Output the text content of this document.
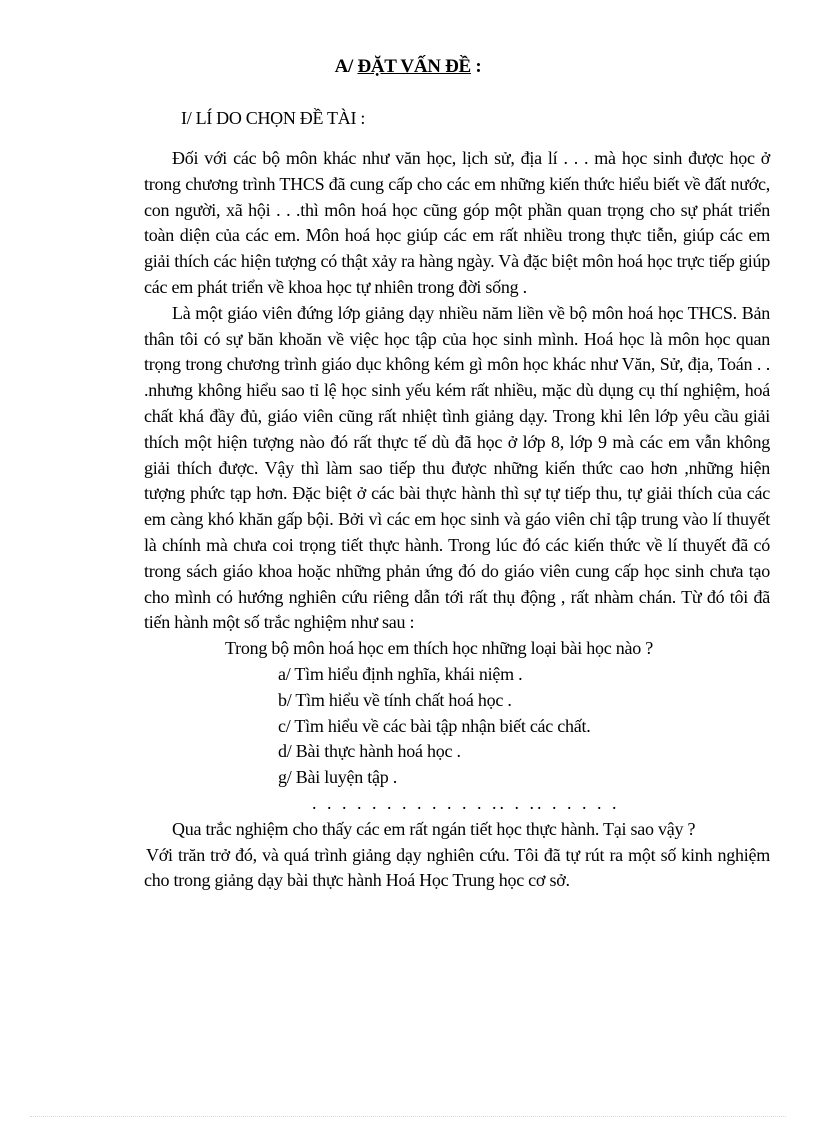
A/ ĐẶT VẤN ĐỀ :
I/ LÍ DO CHỌN ĐỀ TÀI :

Đối với các bộ môn khác như văn học, lịch sử, địa lí . . . mà học sinh được học ở trong chương trình THCS đã cung cấp cho các em những kiến thức hiểu biết về đất nước, con người, xã hội . . .thì môn hoá học cũng góp một phần quan trọng cho sự phát triển toàn diện của các em. Môn hoá học giúp các em rất nhiều trong thực tiễn, giúp các em giải thích các hiện tượng có thật xảy ra hàng ngày. Và đặc biệt môn hoá học trực tiếp giúp các em phát triển về khoa học tự nhiên trong đời sống .

Là một giáo viên đứng lớp giảng dạy nhiều năm liền về bộ môn hoá học THCS. Bản thân tôi có sự băn khoăn về việc học tập của học sinh mình. Hoá học là môn học quan trọng trong chương trình giáo dục không kém gì môn học khác như Văn, Sử, địa, Toán . . .nhưng không hiểu sao tỉ lệ học sinh yếu kém rất nhiều, mặc dù dụng cụ thí nghiệm, hoá chất khá đầy đủ, giáo viên cũng rất nhiệt tình giảng dạy. Trong khi lên lớp yêu cầu giải thích một hiện tượng nào đó rất thực tế dù đã học ở lớp 8, lớp 9 mà các em vẫn không giải thích được. Vậy thì làm sao tiếp thu được những kiến thức cao hơn ,những hiện tượng phức tạp hơn. Đặc biệt ở các bài thực hành thì sự tự tiếp thu, tự giải thích của các em càng khó khăn gấp bội. Bởi vì các em học sinh và gáo viên chỉ tập trung vào lí thuyết là chính mà chưa coi trọng tiết thực hành. Trong lúc đó các kiến thức về lí thuyết đã có trong sách giáo khoa hoặc những phản ứng đó do giáo viên cung cấp học sinh chưa tạo cho mình có hướng nghiên cứu riêng dẫn tới rất thụ động , rất nhàm chán. Từ đó tôi đã tiến hành một số trắc nghiệm như sau :

Trong bộ môn hoá học em thích học những loại bài học nào ?

a/ Tìm hiểu định nghĩa, khái niệm .
b/ Tìm hiểu về tính chất hoá học .
c/ Tìm hiểu về các bài tập nhận biết các chất.
d/ Bài thực hành hoá học .
g/ Bài luyện tập .

. . . . . . . . . . . . .. . .. . . . . .

Qua trắc nghiệm cho thấy các em rất ngán tiết học thực hành. Tại sao vậy ?

Với trăn trở đó, và quá trình giảng dạy nghiên cứu. Tôi đã tự rút ra một số kinh nghiệm cho trong giảng dạy bài thực hành Hoá Học Trung học cơ sở.
